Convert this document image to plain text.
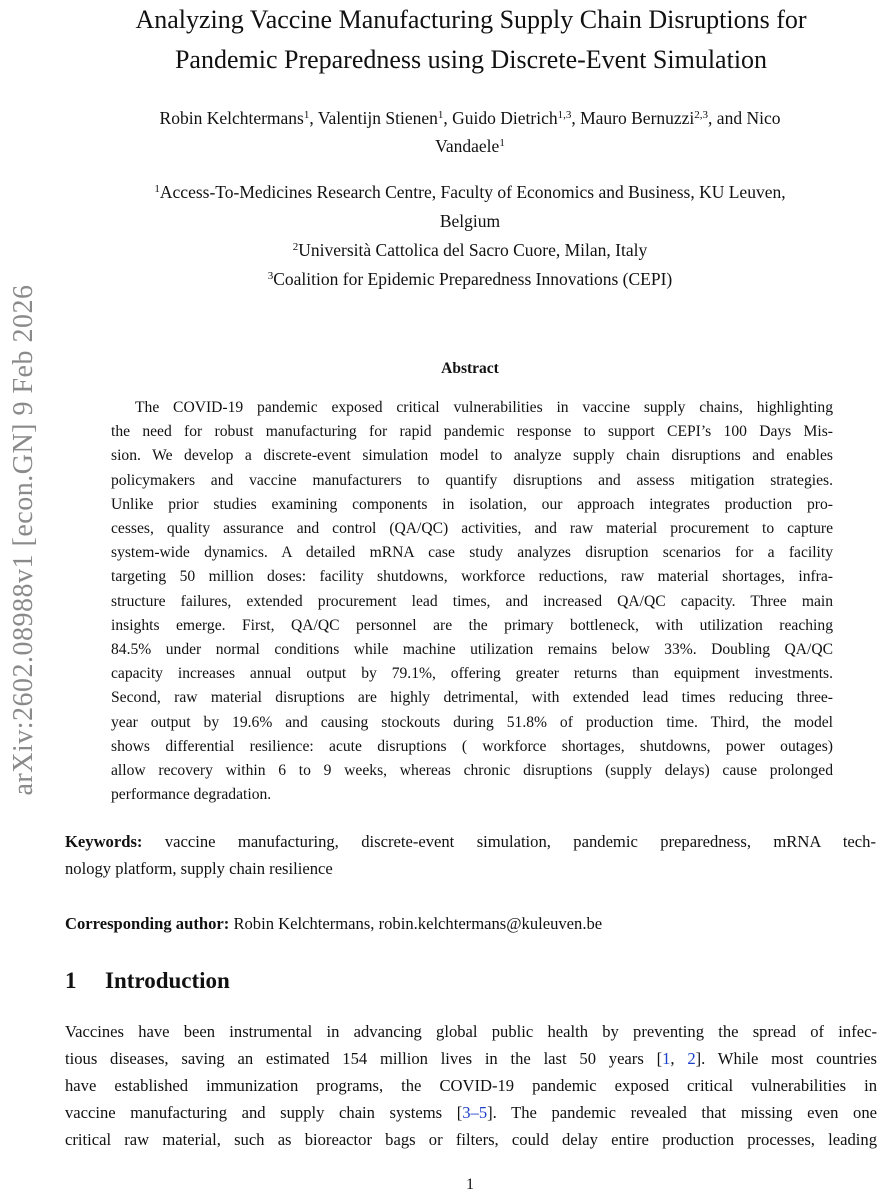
arXiv:2602.08988v1 [econ.GN] 9 Feb 2026
Analyzing Vaccine Manufacturing Supply Chain Disruptions for
Pandemic Preparedness using Discrete-Event Simulation
Robin Kelchtermans$^1$, Valentijn Stienen$^1$, Guido Dietrich$^{1,3}$, Mauro Bernuzzi$^{2,3}$, and Nico
Vandaele$^1$
$^1$Access-To-Medicines Research Centre, Faculty of Economics and Business, KU Leuven,
Belgium
$^2$Università Cattolica del Sacro Cuore, Milan, Italy
$^3$Coalition for Epidemic Preparedness Innovations (CEPI)
Abstract
The COVID-19 pandemic exposed critical vulnerabilities in vaccine supply chains, highlighting
the need for robust manufacturing for rapid pandemic response to support CEPI’s 100 Days Mis-
sion. We develop a discrete-event simulation model to analyze supply chain disruptions and enables
policymakers and vaccine manufacturers to quantify disruptions and assess mitigation strategies.
Unlike prior studies examining components in isolation, our approach integrates production pro-
cesses, quality assurance and control (QA/QC) activities, and raw material procurement to capture
system-wide dynamics. A detailed mRNA case study analyzes disruption scenarios for a facility
targeting 50 million doses: facility shutdowns, workforce reductions, raw material shortages, infra-
structure failures, extended procurement lead times, and increased QA/QC capacity. Three main
insights emerge. First, QA/QC personnel are the primary bottleneck, with utilization reaching
84.5% under normal conditions while machine utilization remains below 33%. Doubling QA/QC
capacity increases annual output by 79.1%, offering greater returns than equipment investments.
Second, raw material disruptions are highly detrimental, with extended lead times reducing three-
year output by 19.6% and causing stockouts during 51.8% of production time. Third, the model
shows differential resilience: acute disruptions ( workforce shortages, shutdowns, power outages)
allow recovery within 6 to 9 weeks, whereas chronic disruptions (supply delays) cause prolonged
performance degradation.
Keywords: vaccine manufacturing, discrete-event simulation, pandemic preparedness, mRNA tech-
nology platform, supply chain resilience
Corresponding author: Robin Kelchtermans, robin.kelchtermans@kuleuven.be
1 Introduction
Vaccines have been instrumental in advancing global public health by preventing the spread of infec-
tious diseases, saving an estimated 154 million lives in the last 50 years [1, 2]. While most countries
have established immunization programs, the COVID-19 pandemic exposed critical vulnerabilities in
vaccine manufacturing and supply chain systems [3–5]. The pandemic revealed that missing even one
critical raw material, such as bioreactor bags or filters, could delay entire production processes, leading
1
